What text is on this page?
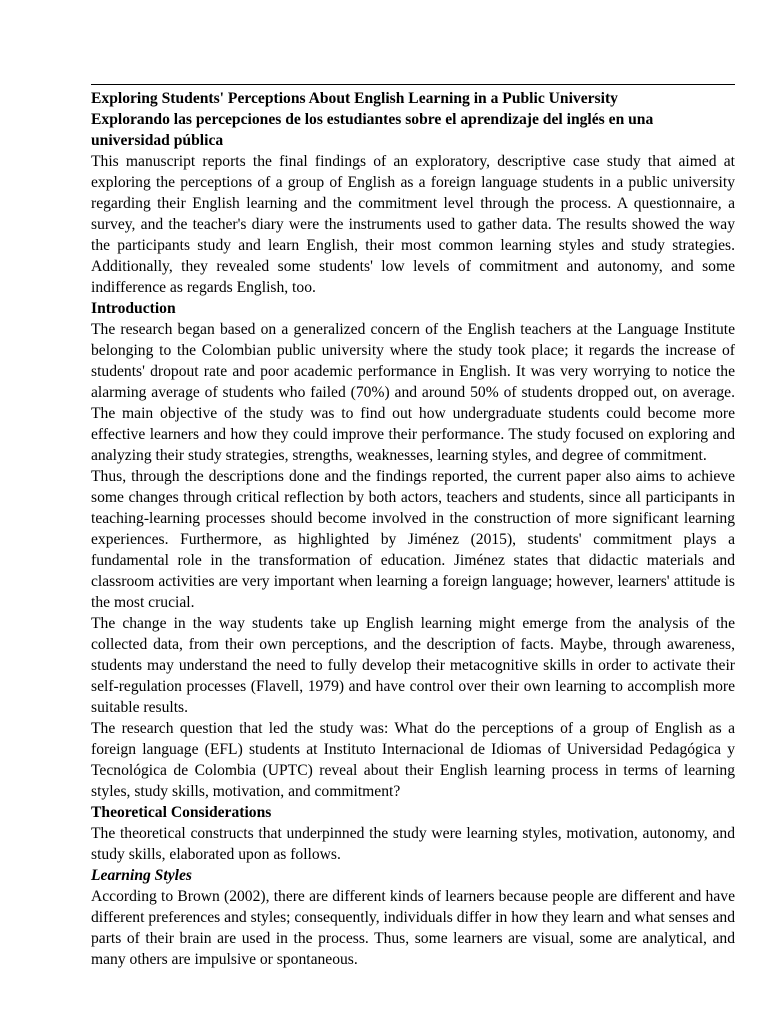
Exploring Students' Perceptions About English Learning in a Public University
Explorando las percepciones de los estudiantes sobre el aprendizaje del inglés en una universidad pública
This manuscript reports the final findings of an exploratory, descriptive case study that aimed at exploring the perceptions of a group of English as a foreign language students in a public university regarding their English learning and the commitment level through the process. A questionnaire, a survey, and the teacher's diary were the instruments used to gather data. The results showed the way the participants study and learn English, their most common learning styles and study strategies. Additionally, they revealed some students' low levels of commitment and autonomy, and some indifference as regards English, too.
Introduction
The research began based on a generalized concern of the English teachers at the Language Institute belonging to the Colombian public university where the study took place; it regards the increase of students' dropout rate and poor academic performance in English. It was very worrying to notice the alarming average of students who failed (70%) and around 50% of students dropped out, on average. The main objective of the study was to find out how undergraduate students could become more effective learners and how they could improve their performance. The study focused on exploring and analyzing their study strategies, strengths, weaknesses, learning styles, and degree of commitment.
Thus, through the descriptions done and the findings reported, the current paper also aims to achieve some changes through critical reflection by both actors, teachers and students, since all participants in teaching-learning processes should become involved in the construction of more significant learning experiences. Furthermore, as highlighted by Jiménez (2015), students' commitment plays a fundamental role in the transformation of education. Jiménez states that didactic materials and classroom activities are very important when learning a foreign language; however, learners' attitude is the most crucial.
The change in the way students take up English learning might emerge from the analysis of the collected data, from their own perceptions, and the description of facts. Maybe, through awareness, students may understand the need to fully develop their metacognitive skills in order to activate their self-regulation processes (Flavell, 1979) and have control over their own learning to accomplish more suitable results.
The research question that led the study was: What do the perceptions of a group of English as a foreign language (EFL) students at Instituto Internacional de Idiomas of Universidad Pedagógica y Tecnológica de Colombia (UPTC) reveal about their English learning process in terms of learning styles, study skills, motivation, and commitment?
Theoretical Considerations
The theoretical constructs that underpinned the study were learning styles, motivation, autonomy, and study skills, elaborated upon as follows.
Learning Styles
According to Brown (2002), there are different kinds of learners because people are different and have different preferences and styles; consequently, individuals differ in how they learn and what senses and parts of their brain are used in the process. Thus, some learners are visual, some are analytical, and many others are impulsive or spontaneous.
